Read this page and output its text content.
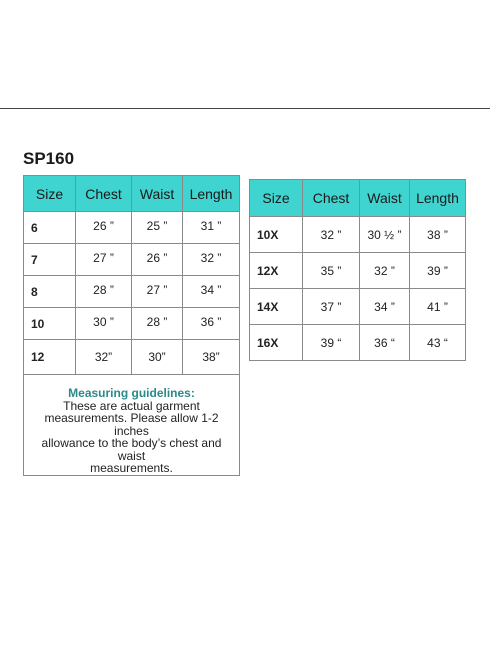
SP160
Size	Chest	Waist	Length
6	26 ”	25 ”	31 ”
7	27 ”	26 ”	32 ”
8	28 ”	27 ”	34 ”
10	30 ”	28 ”	36 ”
12	32”	30”	38”

Measuring guidelines:
These are actual garment
measurements. Please allow 1-2 inches
allowance to the body’s chest and waist
measurements.			
Size	Chest	Waist	Length
10X	32 ”	30 ½ ”	38 ”
12X	35 ”	32 ”	39 ”
14X	37 ”	34 ”	41 ”
16X	39 “	36 “	43 “
